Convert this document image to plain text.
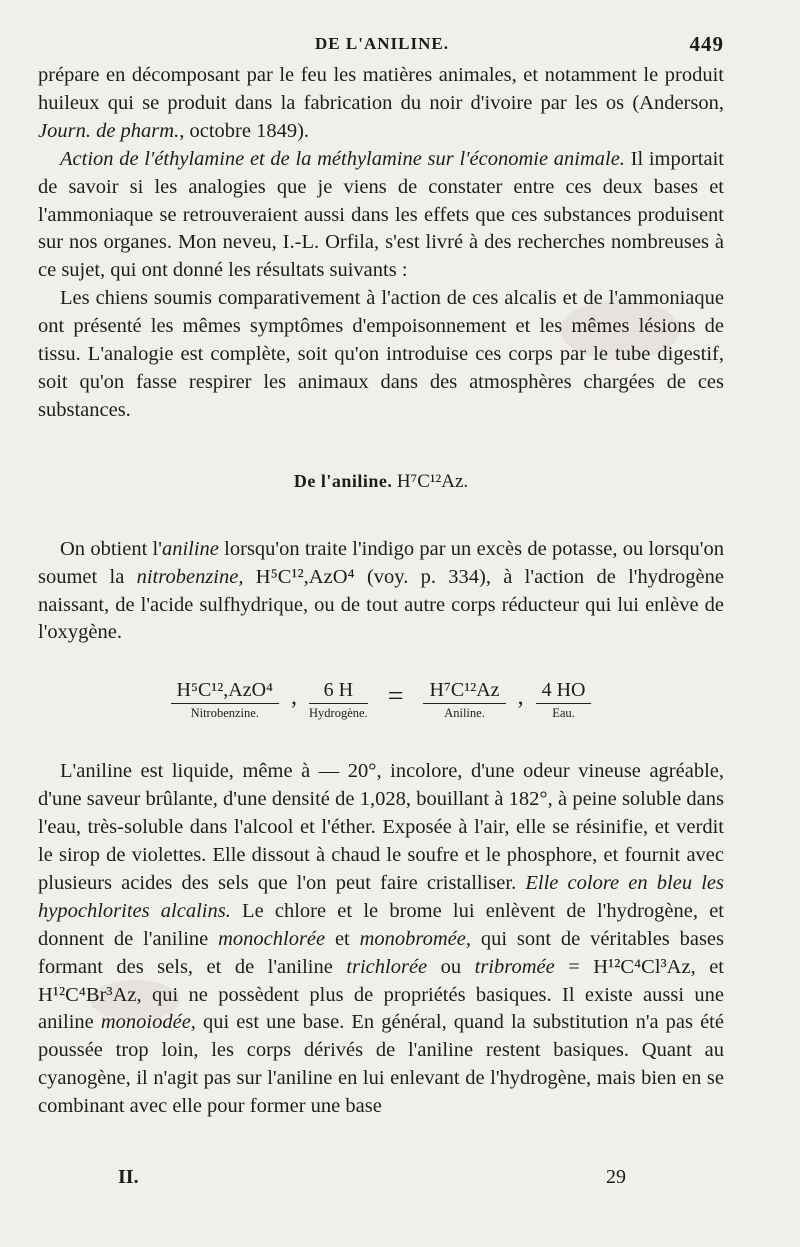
DE L'ANILINE.	449

prépare en décomposant par le feu les matières animales, et notamment le produit huileux qui se produit dans la fabrication du noir d'ivoire par les os (Anderson, Journ. de pharm., octobre 1849).

Action de l'éthylamine et de la méthylamine sur l'économie animale. Il importait de savoir si les analogies que je viens de constater entre ces deux bases et l'ammoniaque se retrouveraient aussi dans les effets que ces substances produisent sur nos organes. Mon neveu, I.-L. Orfila, s'est livré à des recherches nombreuses à ce sujet, qui ont donné les résultats suivants :

Les chiens soumis comparativement à l'action de ces alcalis et de l'ammoniaque ont présenté les mêmes symptômes d'empoisonnement et les mêmes lésions de tissu. L'analogie est complète, soit qu'on introduise ces corps par le tube digestif, soit qu'on fasse respirer les animaux dans des atmosphères chargées de ces substances.

De l'aniline. H⁷C¹²Az.

On obtient l'aniline lorsqu'on traite l'indigo par un excès de potasse, ou lorsqu'on soumet la nitrobenzine, H⁵C¹²,AzO⁴ (voy. p. 334), à l'action de l'hydrogène naissant, de l'acide sulfhydrique, ou de tout autre corps réducteur qui lui enlève de l'oxygène.

H⁵C¹²,AzO⁴
Nitrobenzine.
,	6 H
Hydrogène.
=	H⁷C¹²Az
Aniline.
, 4 HO
Eau.

L'aniline est liquide, même à — 20°, incolore, d'une odeur vineuse agréable, d'une saveur brûlante, d'une densité de 1,028, bouillant à 182°, à peine soluble dans l'eau, très-soluble dans l'alcool et l'éther. Exposée à l'air, elle se résinifie, et verdit le sirop de violettes. Elle dissout à chaud le soufre et le phosphore, et fournit avec plusieurs acides des sels que l'on peut faire cristalliser. Elle colore en bleu les hypochlorites alcalins. Le chlore et le brome lui enlèvent de l'hydrogène, et donnent de l'aniline monochlorée et monobromée, qui sont de véritables bases formant des sels, et de l'aniline trichlorée ou tribromée = H¹²C⁴Cl³Az, et H¹²C⁴Br³Az, qui ne possèdent plus de propriétés basiques. Il existe aussi une aniline monoiodée, qui est une base. En général, quand la substitution n'a pas été poussée trop loin, les corps dérivés de l'aniline restent basiques. Quant au cyanogène, il n'agit pas sur l'aniline en lui enlevant de l'hydrogène, mais bien en se combinant avec elle pour former une base

II.	29
